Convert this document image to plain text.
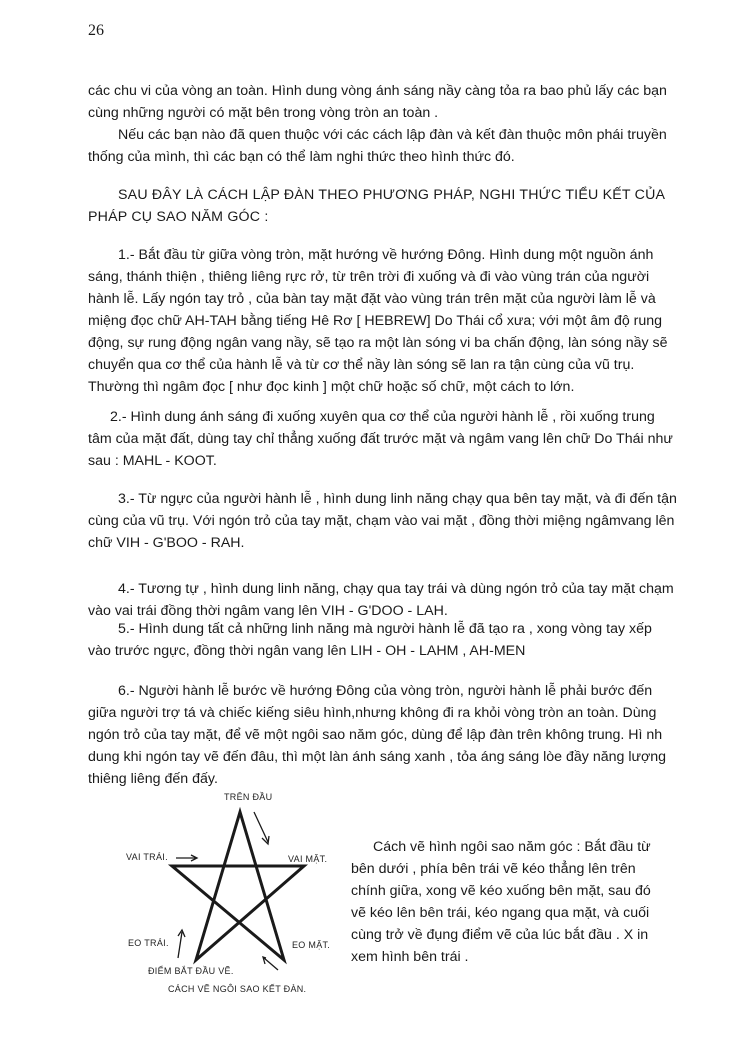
26

các chu vi của vòng an toàn. Hình dung vòng ánh sáng nầy càng tỏa ra bao phủ lấy các bạn cùng những người có mặt bên trong vòng tròn an toàn .

Nếu các bạn nào đã quen thuộc với các cách lập đàn và kết đàn thuộc môn phái truyền thống của mình, thì các bạn có thể làm nghi thức theo hình thức đó.

SAU ĐÂY LÀ CÁCH LẬP ĐÀN THEO PHƯƠNG PHÁP, NGHI THỨC TIỂU KẾT CỦA PHÁP CỤ SAO NĂM GÓC :

1.- Bắt đầu từ giữa vòng tròn, mặt hướng về hướng Đông. Hình dung một nguồn ánh sáng, thánh thiện , thiêng liêng rực rở, từ trên trời đi xuống và đi vào vùng trán của người hành lễ. Lấy ngón tay trỏ , của bàn tay mặt đặt vào vùng trán trên mặt của người làm lễ và miệng đọc chữ AH-TAH bằng tiếng Hê Rơ [ HEBREW] Do Thái cổ xưa; với một âm độ rung động, sự rung động ngân vang nầy, sẽ tạo ra một làn sóng vi ba chấn động, làn sóng nầy sẽ chuyển qua cơ thể của hành lễ và từ cơ thể nầy làn sóng sẽ lan ra tận cùng của vũ trụ. Thường thì ngâm đọc [ như đọc kinh ] một chữ hoặc số chữ, một cách to lớn.

2.- Hình dung ánh sáng đi xuống xuyên qua cơ thể của người hành lễ , rồi xuống trung tâm của mặt đất, dùng tay chỉ thẳng xuống đất trước mặt và ngâm vang lên chữ Do Thái như sau : MAHL - KOOT.

3.- Từ ngực của người hành lễ , hình dung linh năng chạy qua bên tay mặt, và đi đến tận cùng của vũ trụ. Với ngón trỏ của tay mặt, chạm vào vai mặt , đồng thời miệng ngâmvang lên chữ VIH - G'BOO - RAH.

4.- Tương tự , hình dung linh năng, chạy qua tay trái và dùng ngón trỏ của tay mặt chạm vào vai trái đồng thời ngâm vang lên VIH - G'DOO - LAH.

5.- Hình dung tất cả những linh năng mà người hành lễ đã tạo ra , xong vòng tay xếp vào trước ngực, đồng thời ngân vang lên LIH - OH - LAHM , AH-MEN

6.- Người hành lễ bước về hướng Đông của vòng tròn, người hành lễ phải bước đến giữa người trợ tá và chiếc kiếng siêu hình,nhưng không đi ra khỏi vòng tròn an toàn. Dùng ngón trỏ của tay mặt, để vẽ một ngôi sao năm góc, dùng để lập đàn trên không trung. Hì nh dung khi ngón tay vẽ đến đâu, thì một làn ánh sáng xanh , tỏa áng sáng lòe đầy năng lượng thiêng liêng đến đấy.

TRÊN ĐẦU
VAI TRÁI.	VAI MẶT.
EO TRÁI.	EO MẶT.
ĐIỂM BẮT ĐẦU VẼ.
CÁCH VẼ NGÔI SAO KẾT ĐÀN.

Cách vẽ hình ngôi sao năm góc : Bắt đầu từ bên dưới , phía bên trái vẽ kéo thẳng lên trên chính giữa, xong vẽ kéo xuống bên mặt, sau đó vẽ kéo lên bên trái, kéo ngang qua mặt, và cuối cùng trở về đụng điểm vẽ của lúc bắt đầu . X in xem hình bên trái .
